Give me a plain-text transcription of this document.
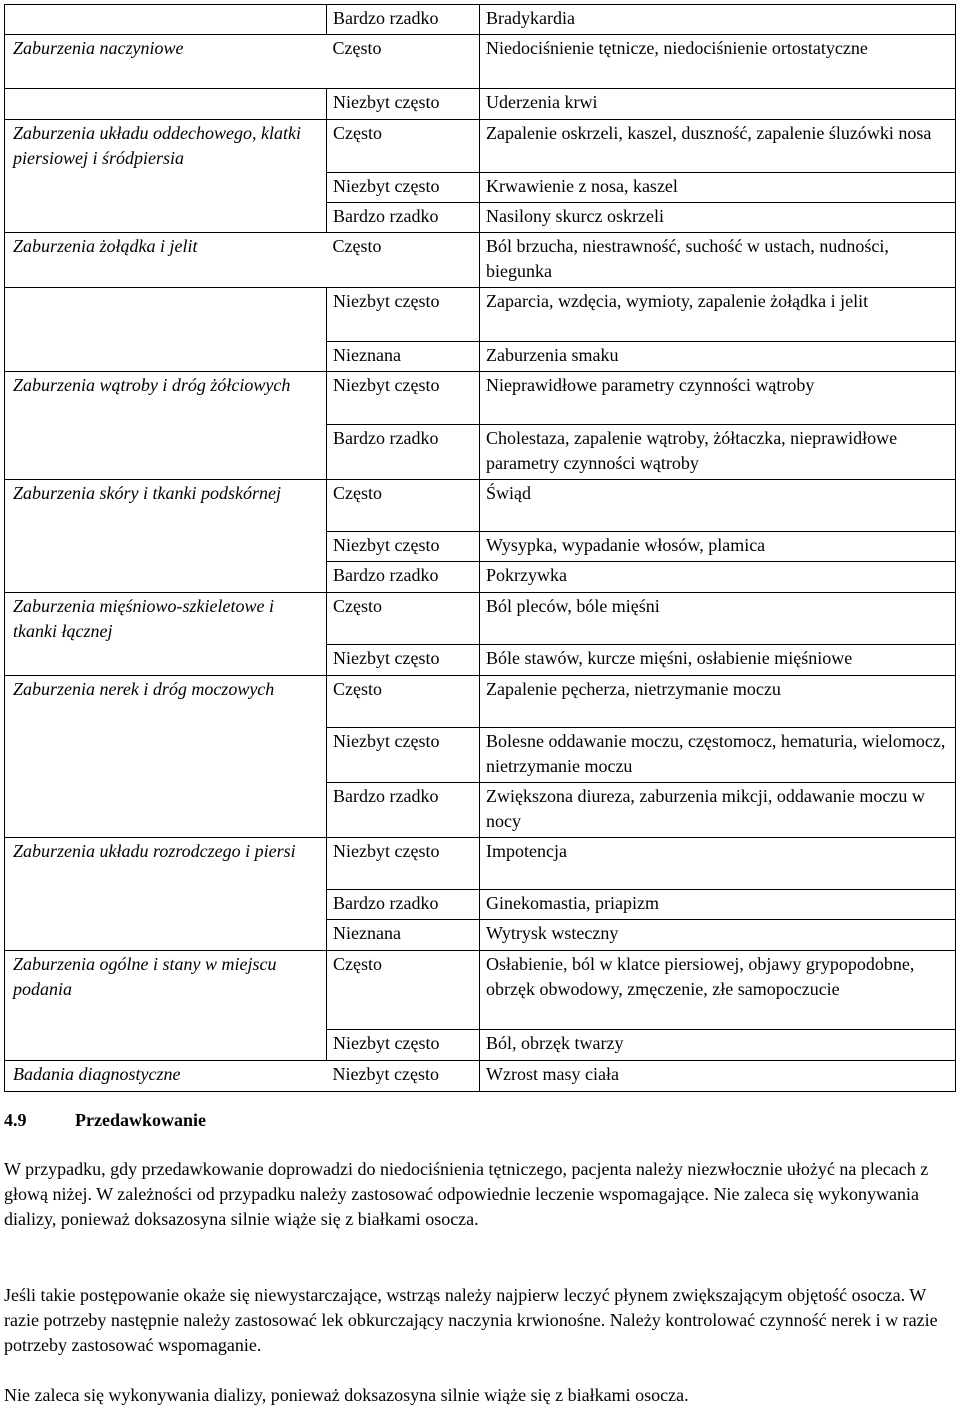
	Bardzo rzadko	Bradykardia
Zaburzenia naczyniowe	Często	Niedociśnienie tętnicze, niedociśnienie ortostatyczne
	Niezbyt często	Uderzenia krwi
Zaburzenia układu oddechowego, klatki piersiowej i śródpiersia	Często	Zapalenie oskrzeli, kaszel, duszność, zapalenie śluzówki nosa
	Niezbyt często	Krwawienie z nosa, kaszel
	Bardzo rzadko	Nasilony skurcz oskrzeli
Zaburzenia żołądka i jelit	Często	Ból brzucha, niestrawność, suchość w ustach, nudności, biegunka
	Niezbyt często	Zaparcia, wzdęcia, wymioty, zapalenie żołądka i jelit
	Nieznana	Zaburzenia smaku
Zaburzenia wątroby i dróg żółciowych	Niezbyt często	Nieprawidłowe parametry czynności wątroby
	Bardzo rzadko	Cholestaza, zapalenie wątroby, żółtaczka, nieprawidłowe parametry czynności wątroby
Zaburzenia skóry i tkanki podskórnej	Często	Świąd
	Niezbyt często	Wysypka, wypadanie włosów, plamica
	Bardzo rzadko	Pokrzywka
Zaburzenia mięśniowo-szkieletowe i tkanki łącznej	Często	Ból pleców, bóle mięśni
	Niezbyt często	Bóle stawów, kurcze mięśni, osłabienie mięśniowe
Zaburzenia nerek i dróg moczowych	Często	Zapalenie pęcherza, nietrzymanie moczu
	Niezbyt często	Bolesne oddawanie moczu, częstomocz, hematuria, wielomocz, nietrzymanie moczu
	Bardzo rzadko	Zwiększona diureza, zaburzenia mikcji, oddawanie moczu w nocy
Zaburzenia układu rozrodczego i piersi	Niezbyt często	Impotencja
	Bardzo rzadko	Ginekomastia, priapizm
	Nieznana	Wytrysk wsteczny
Zaburzenia ogólne i stany w miejscu podania	Często	Osłabienie, ból w klatce piersiowej, objawy grypopodobne, obrzęk obwodowy, zmęczenie, złe samopoczucie
	Niezbyt często	Ból, obrzęk twarzy
Badania diagnostyczne	Niezbyt często	Wzrost masy ciała
4.9	Przedawkowanie

W przypadku, gdy przedawkowanie doprowadzi do niedociśnienia tętniczego, pacjenta należy niezwłocznie ułożyć na plecach z głową niżej. W zależności od przypadku należy zastosować odpowiednie leczenie wspomagające. Nie zaleca się wykonywania dializy, ponieważ doksazosyna silnie wiąże się z białkami osocza.

Jeśli takie postępowanie okaże się niewystarczające, wstrząs należy najpierw leczyć płynem zwiększającym objętość osocza. W razie potrzeby następnie należy zastosować lek obkurczający naczynia krwionośne. Należy kontrolować czynność nerek i w razie potrzeby zastosować wspomaganie.

Nie zaleca się wykonywania dializy, ponieważ doksazosyna silnie wiąże się z białkami osocza.
